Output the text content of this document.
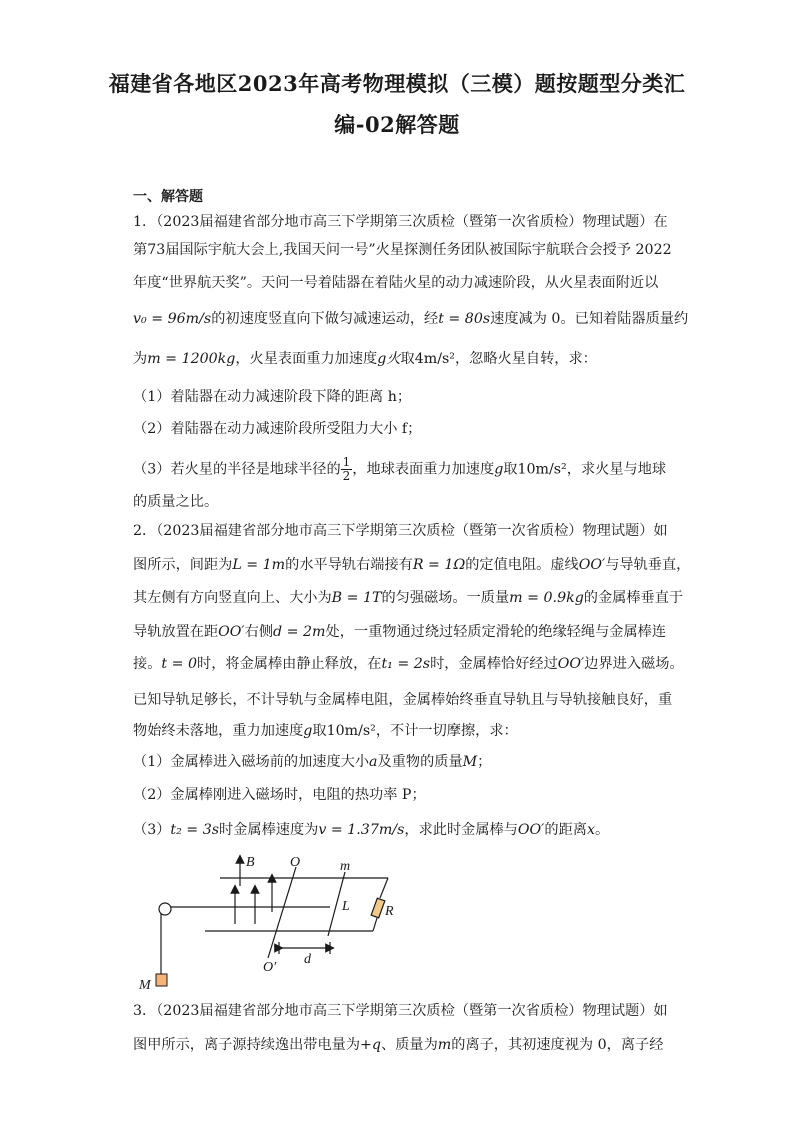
福建省各地区2023年高考物理模拟（三模）题按题型分类汇
编-02解答题
一、解答题
1．（2023届福建省部分地市高三下学期第三次质检（暨第一次省质检）物理试题）在
第73届国际宇航大会上,我国天问一号”火星探测任务团队被国际宇航联合会授予 2022
年度“世界航天奖”。天问一号着陆器在着陆火星的动力减速阶段，从火星表面附近以
v₀ = 96m/s的初速度竖直向下做匀减速运动，经t = 80s速度减为 0。已知着陆器质量约
为m = 1200kg，火星表面重力加速度g火取4m/s²，忽略火星自转，求：
（1）着陆器在动力减速阶段下降的距离 h；
（2）着陆器在动力减速阶段所受阻力大小 f；
（3）若火星的半径是地球半径的 $\frac{1}{2}$ ，地球表面重力加速度g取10m/s²，求火星与地球
的质量之比。
2．（2023届福建省部分地市高三下学期第三次质检（暨第一次省质检）物理试题）如
图所示，间距为L = 1m的水平导轨右端接有R = 1Ω的定值电阻。虚线OO′与导轨垂直，
其左侧有方向竖直向上、大小为B = 1T的匀强磁场。一质量m = 0.9kg的金属棒垂直于
导轨放置在距OO′右侧d = 2m处，一重物通过绕过轻质定滑轮的绝缘轻绳与金属棒连
接。t = 0时，将金属棒由静止释放，在t₁ = 2s时，金属棒恰好经过OO′边界进入磁场。
已知导轨足够长，不计导轨与金属棒电阻，金属棒始终垂直导轨且与导轨接触良好，重
物始终未落地，重力加速度g取10m/s²，不计一切摩擦，求：
（1）金属棒进入磁场前的加速度大小a及重物的质量M；
（2）金属棒刚进入磁场时，电阻的热功率 P；
（3）t₂ = 3s时金属棒速度为v = 1.37m/s，求此时金属棒与OO′的距离x。
B	O	m
L	R
O′
d
M
3．（2023届福建省部分地市高三下学期第三次质检（暨第一次省质检）物理试题）如
图甲所示，离子源持续逸出带电量为+q、质量为m的离子，其初速度视为 0，离子经
